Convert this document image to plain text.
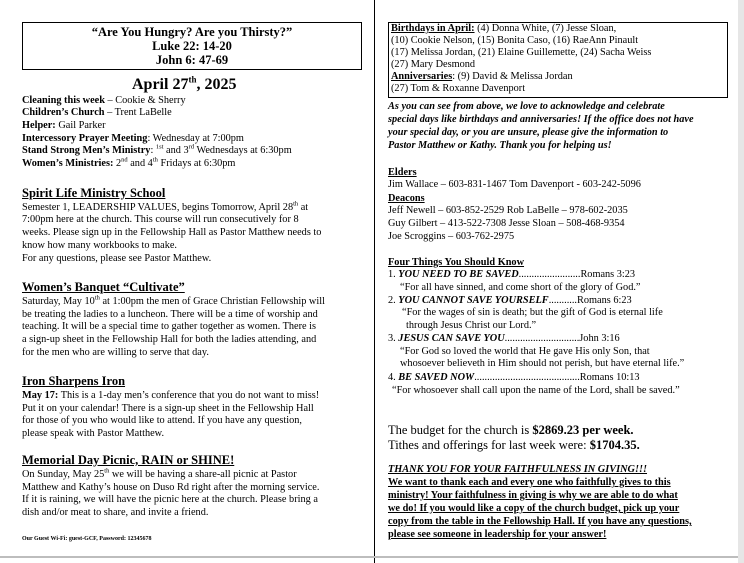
“Are You Hungry? Are you Thirsty?”
Luke 22: 14-20
John 6: 47-69
April 27th, 2025
Cleaning this week – Cookie & Sherry
Children’s Church – Trent LaBelle
Helper: Gail Parker
Intercessory Prayer Meeting: Wednesday at 7:00pm
Stand Strong Men’s Ministry: $^{1st}$ and 3rd Wednesdays at 6:30pm
Women’s Ministries: 2nd and 4th Fridays at 6:30pm
Spirit Life Ministry School
Semester 1, LEADERSHIP VALUES, begins Tomorrow, April 28th at
7:00pm here at the church. This course will run consecutively for 8
weeks. Please sign up in the Fellowship Hall as Pastor Matthew needs to
know how many workbooks to make.
For any questions, please see Pastor Matthew.
Women’s Banquet “Cultivate”
Saturday, May 10th at 1:00pm the men of Grace Christian Fellowship will
be treating the ladies to a luncheon. There will be a time of worship and
teaching. It will be a special time to gather together as women. There is
a sign-up sheet in the Fellowship Hall for both the ladies attending, and
for the men who are willing to serve that day.
Iron Sharpens Iron
May 17: This is a 1-day men’s conference that you do not want to miss!
Put it on your calendar! There is a sign-up sheet in the Fellowship Hall
for those of you who would like to attend. If you have any question,
please speak with Pastor Matthew.
Memorial Day Picnic, RAIN or SHINE!
On Sunday, May 25th we will be having a share-all picnic at Pastor
Matthew and Kathy’s house on Duso Rd right after the morning service.
If it is raining, we will have the picnic here at the church. Please bring a
dish and/or meat to share, and invite a friend.
Our Guest Wi-Fi: guest-GCF, Password: 12345678
Birthdays in April: (4) Donna White, (7) Jesse Sloan,
(10) Cookie Nelson, (15) Bonita Caso, (16) RaeAnn Pinault
(17) Melissa Jordan, (21) Elaine Guillemette, (24) Sacha Weiss
(27) Mary Desmond
Anniversaries: (9) David & Melissa Jordan
(27) Tom & Roxanne Davenport
As you can see from above, we love to acknowledge and celebrate
special days like birthdays and anniversaries! If the office does not have
your special day, or you are unsure, please give the information to
Pastor Matthew or Kathy. Thank you for helping us!
Elders
Jim Wallace – 603-831-1467 Tom Davenport - 603-242-5096
Deacons
Jeff Newell – 603-852-2529 Rob LaBelle – 978-602-2035
Guy Gilbert – 413-522-7308 Jesse Sloan – 508-468-9354
Joe Scroggins – 603-762-2975
Four Things You Should Know
1. YOU NEED TO BE SAVED........................Romans 3:23
“For all have sinned, and come short of the glory of God.”
2. YOU CANNOT SAVE YOURSELF...........Romans 6:23
“For the wages of sin is death; but the gift of God is eternal life
through Jesus Christ our Lord.”
3. JESUS CAN SAVE YOU.............................John 3:16
“For God so loved the world that He gave His only Son, that
whosoever believeth in Him should not perish, but have eternal life.”
4. BE SAVED NOW.........................................Romans 10:13
“For whosoever shall call upon the name of the Lord, shall be saved.”
The budget for the church is $2869.23 per week.
Tithes and offerings for last week were: $1704.35.
THANK YOU FOR YOUR FAITHFULNESS IN GIVING!!!
We want to thank each and every one who faithfully gives to this
ministry! Your faithfulness in giving is why we are able to do what
we do! If you would like a copy of the church budget, pick up your
copy from the table in the Fellowship Hall. If you have any questions,
please see someone in leadership for your answer!
